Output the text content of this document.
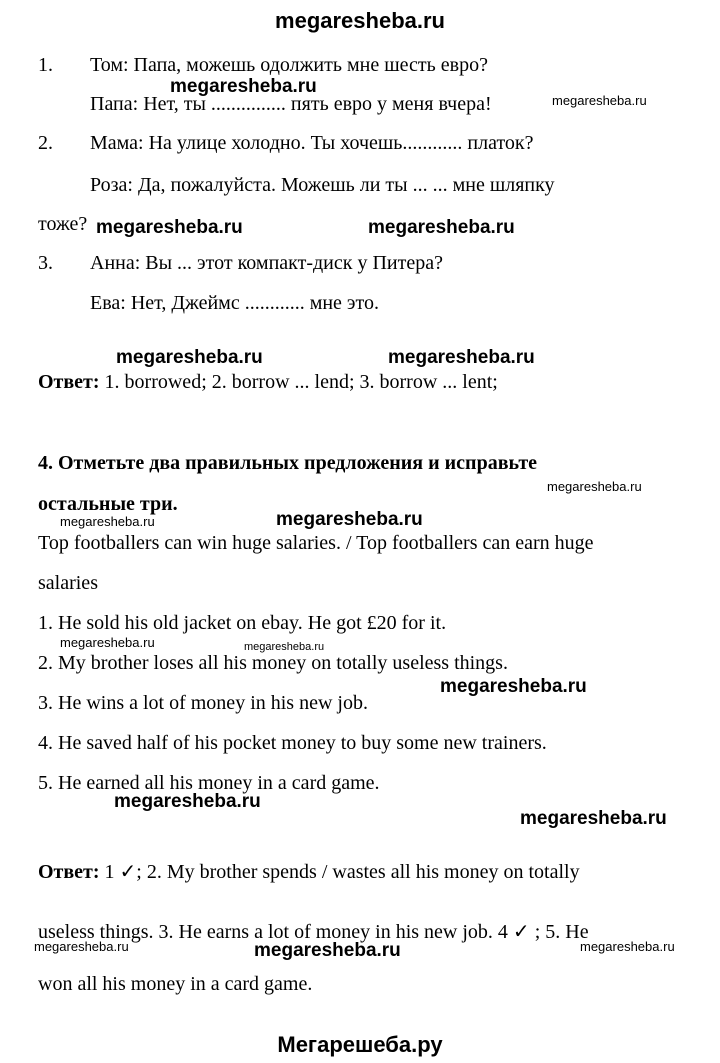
megaresheba.ru
1. Том: Папа, можешь одолжить мне шесть евро?
megaresheba.ru
Папа: Нет, ты ............... пять евро у меня вчера!	megaresheba.ru
2. Мама: На улице холодно. Ты хочешь............ платок?
Роза: Да, пожалуйста. Можешь ли ты ... ... мне шляпку
тоже? megaresheba.ru	megaresheba.ru
3. Анна: Вы ... этот компакт-диск у Питера?
Ева: Нет, Джеймс ............ мне это.
megaresheba.ru	megaresheba.ru
Ответ: 1. borrowed; 2. borrow ... lend; 3. borrow ... lent;
4. Отметьте два правильных предложения и исправьте
megaresheba.ru
остальные три.
megaresheba.ru	megaresheba.ru
Top footballers can win huge salaries. / Top footballers can earn huge
salaries
1. He sold his old jacket on ebay. He got £20 for it.
megaresheba.ru	megaresheba.ru
2. My brother loses all his money on totally useless things.
megaresheba.ru
3. He wins a lot of money in his new job.
4. He saved half of his pocket money to buy some new trainers.
5. He earned all his money in a card game.
megaresheba.ru
megaresheba.ru
Ответ: 1 ✓; 2. My brother spends / wastes all his money on totally
useless things. 3. He earns a lot of money in his new job. 4 ✓ ; 5. He
megaresheba.ru	megaresheba.ru	megaresheba.ru
won all his money in a card game.
Мегарешеба.ру
